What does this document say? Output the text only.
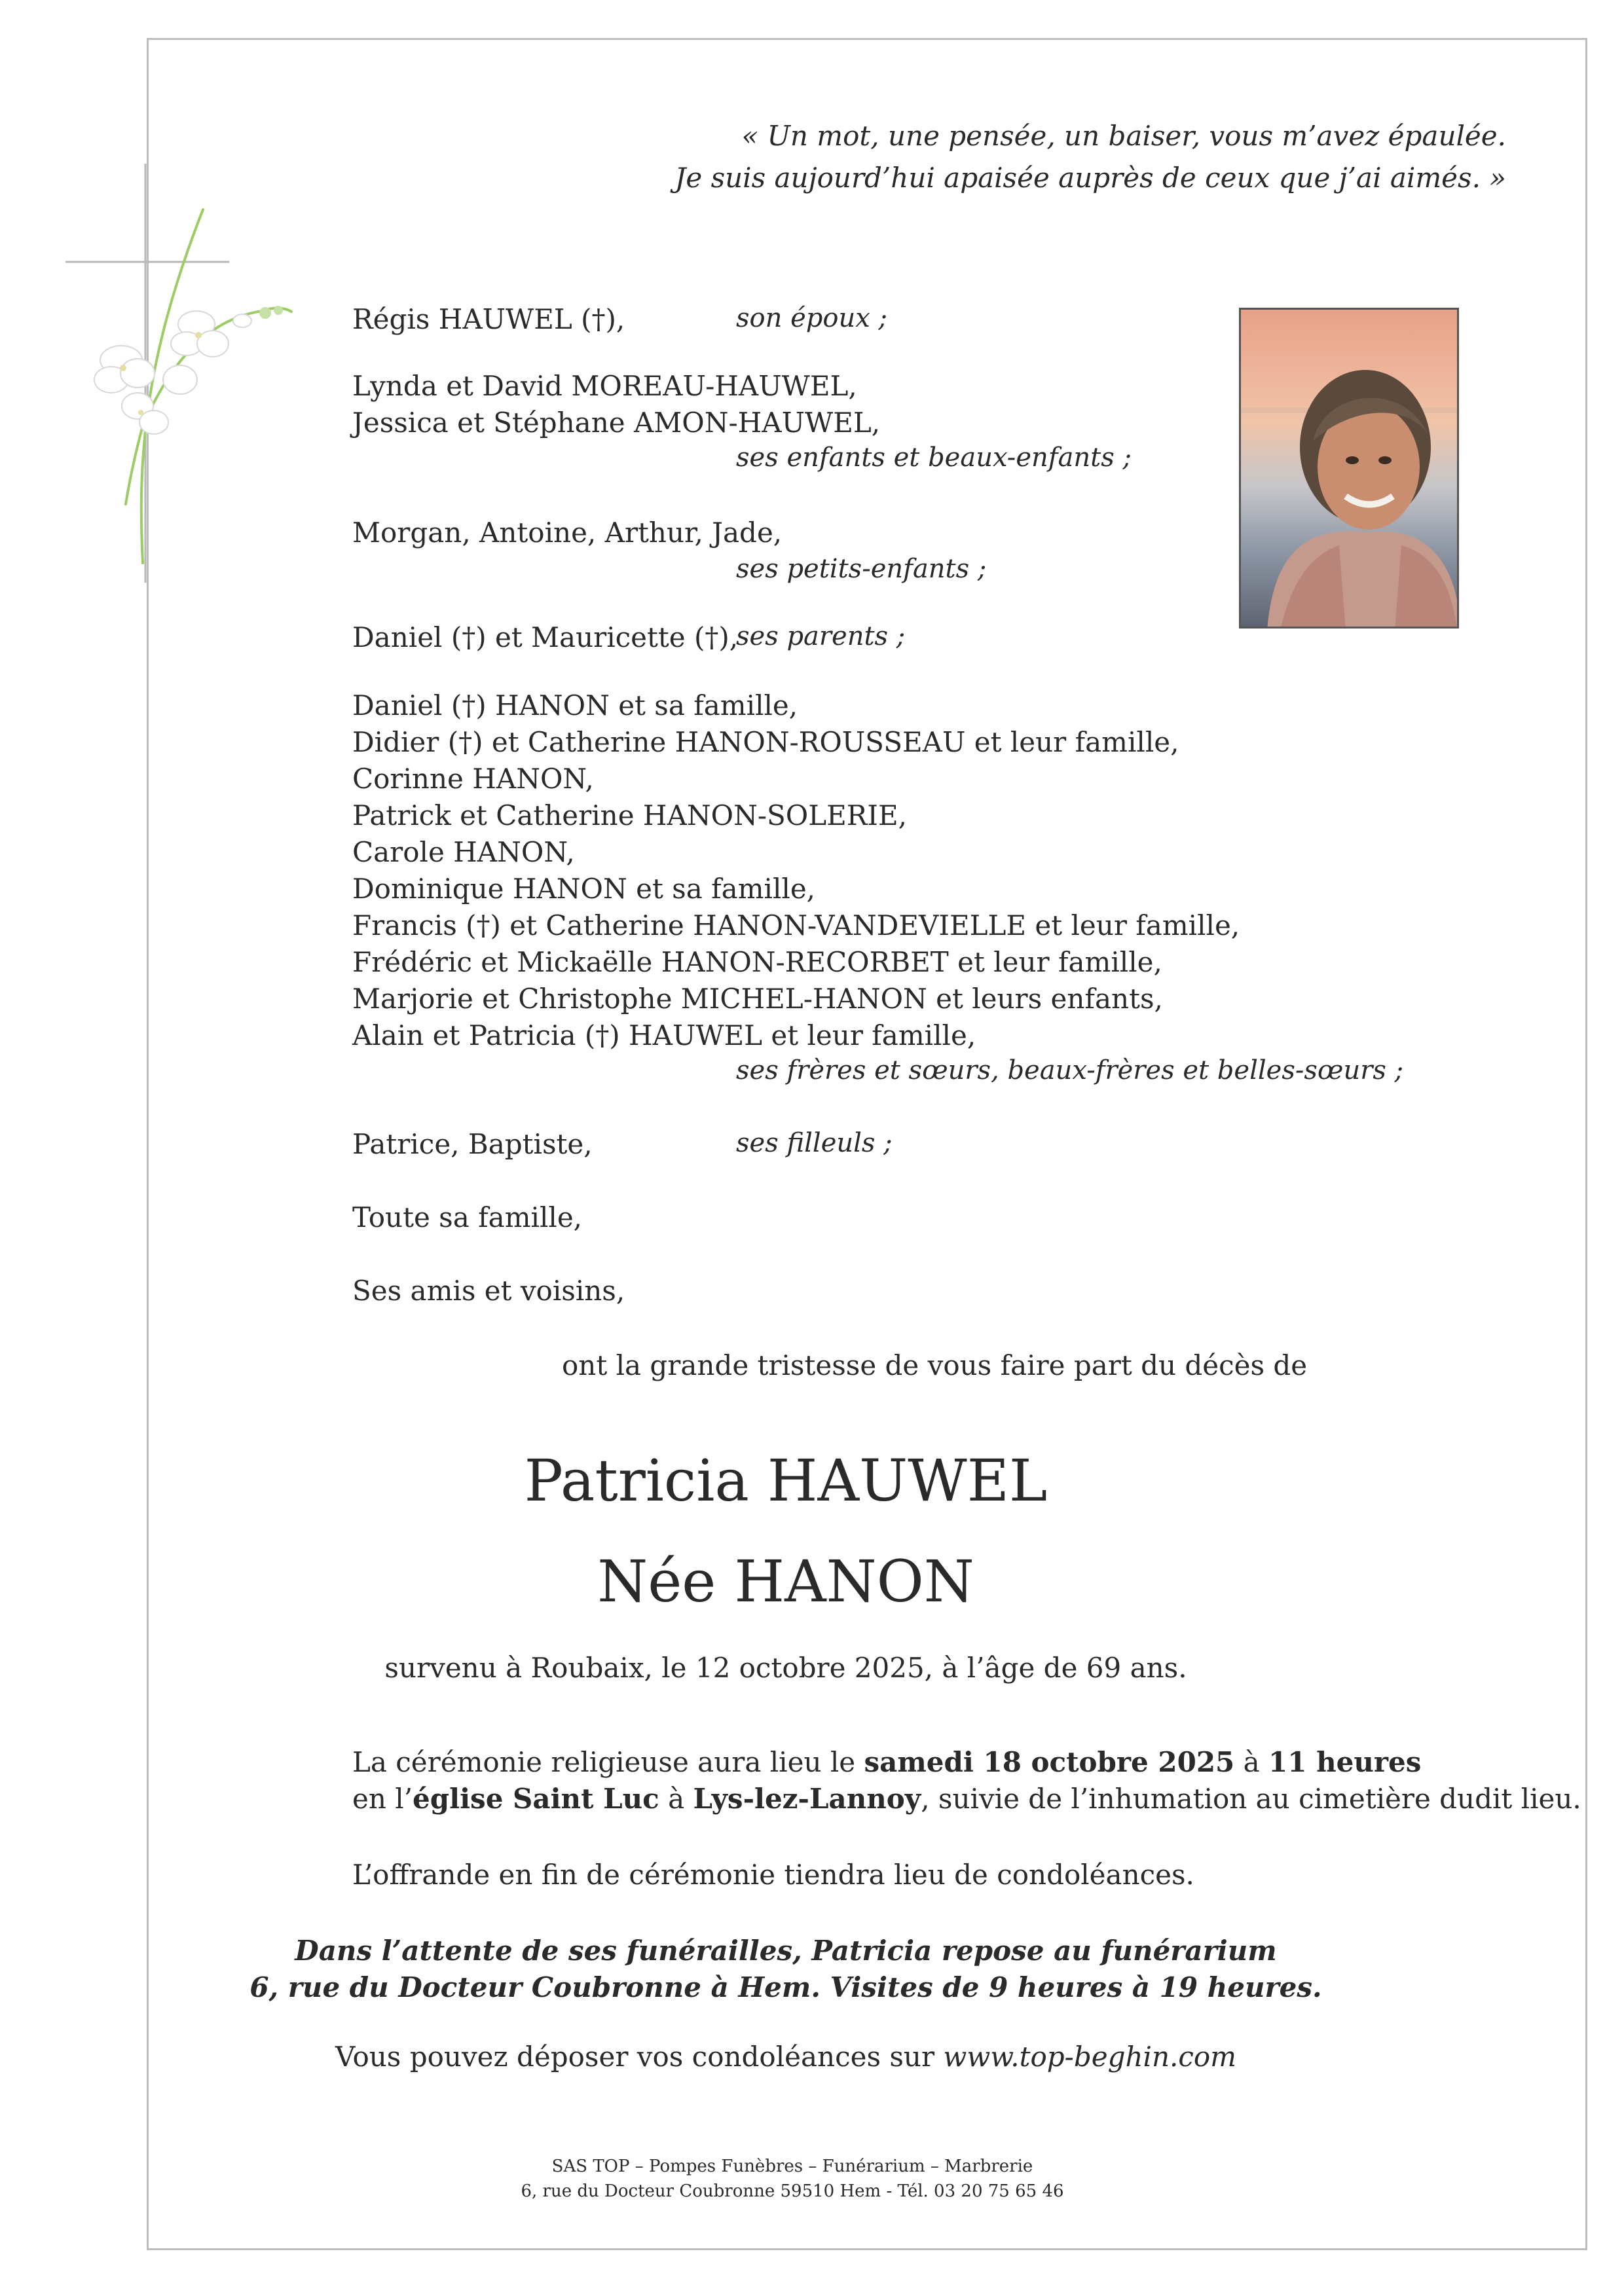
« Un mot, une pensée, un baiser, vous m’avez épaulée.
Je suis aujourd’hui apaisée auprès de ceux que j’ai aimés. »
Régis HAUWEL (†),	son époux ;
Lynda et David MOREAU-HAUWEL,
Jessica et Stéphane AMON-HAUWEL,
ses enfants et beaux-enfants ;
Morgan, Antoine, Arthur, Jade,
ses petits-enfants ;
Daniel (†) et Mauricette (†),
ses parents ;
Daniel (†) HANON et sa famille,
Didier (†) et Catherine HANON-ROUSSEAU et leur famille,
Corinne HANON,
Patrick et Catherine HANON-SOLERIE,
Carole HANON,
Dominique HANON et sa famille,
Francis (†) et Catherine HANON-VANDEVIELLE et leur famille,
Frédéric et Mickaëlle HANON-RECORBET et leur famille,
Marjorie et Christophe MICHEL-HANON et leurs enfants,
Alain et Patricia (†) HAUWEL et leur famille,
ses frères et sœurs, beaux-frères et belles-sœurs ;
Patrice, Baptiste,	ses filleuls ;
Toute sa famille,
Ses amis et voisins,
ont la grande tristesse de vous faire part du décès de
Patricia HAUWEL
Née HANON
survenu à Roubaix, le 12 octobre 2025, à l’âge de 69 ans.
La cérémonie religieuse aura lieu le samedi 18 octobre 2025 à 11 heures
en l’église Saint Luc à Lys-lez-Lannoy, suivie de l’inhumation au cimetière dudit lieu.
L’offrande en fin de cérémonie tiendra lieu de condoléances.
Dans l’attente de ses funérailles, Patricia repose au funérarium
6, rue du Docteur Coubronne à Hem. Visites de 9 heures à 19 heures.
Vous pouvez déposer vos condoléances sur www.top-beghin.com
SAS TOP – Pompes Funèbres – Funérarium – Marbrerie
6, rue du Docteur Coubronne 59510 Hem - Tél. 03 20 75 65 46
